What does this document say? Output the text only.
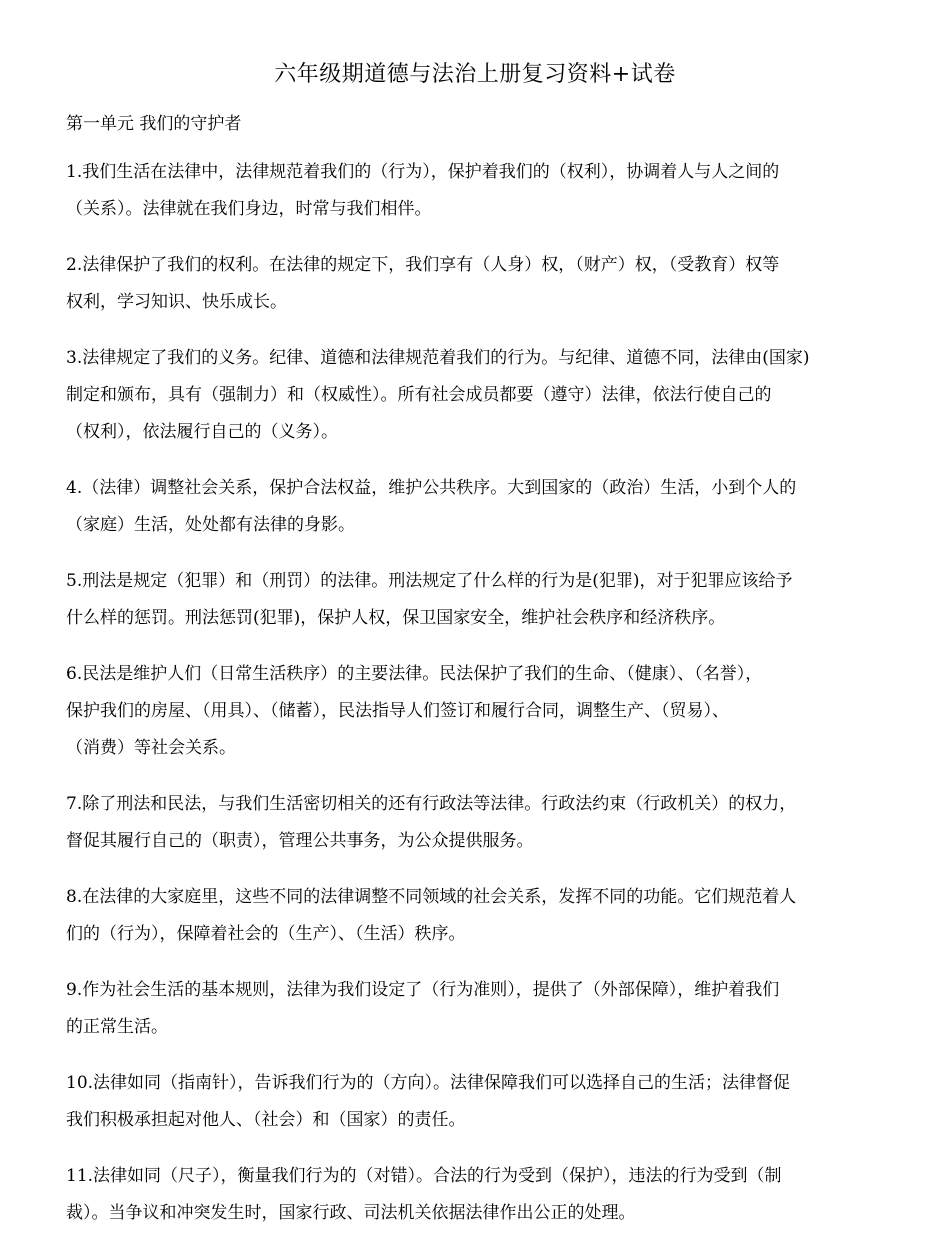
六年级期道德与法治上册复习资料+试卷
第一单元 我们的守护者
1.我们生活在法律中，法律规范着我们的（行为），保护着我们的（权利），协调着人与人之间的
（关系）。法律就在我们身边，时常与我们相伴。
2.法律保护了我们的权利。在法律的规定下，我们享有（人身）权，（财产）权，（受教育）权等
权利，学习知识、快乐成长。
3.法律规定了我们的义务。纪律、道德和法律规范着我们的行为。与纪律、道德不同，法律由(国家)
制定和颁布，具有（强制力）和（权威性）。所有社会成员都要（遵守）法律，依法行使自己的
（权利），依法履行自己的（义务）。
4.（法律）调整社会关系，保护合法权益，维护公共秩序。大到国家的（政治）生活，小到个人的
（家庭）生活，处处都有法律的身影。
5.刑法是规定（犯罪）和（刑罚）的法律。刑法规定了什么样的行为是(犯罪)，对于犯罪应该给予
什么样的惩罚。刑法惩罚(犯罪)，保护人权，保卫国家安全，维护社会秩序和经济秩序。
6.民法是维护人们（日常生活秩序）的主要法律。民法保护了我们的生命、（健康）、（名誉），
保护我们的房屋、（用具）、（储蓄），民法指导人们签订和履行合同，调整生产、（贸易）、
（消费）等社会关系。
7.除了刑法和民法，与我们生活密切相关的还有行政法等法律。行政法约束（行政机关）的权力，
督促其履行自己的（职责），管理公共事务，为公众提供服务。
8.在法律的大家庭里，这些不同的法律调整不同领域的社会关系，发挥不同的功能。它们规范着人
们的（行为），保障着社会的（生产）、（生活）秩序。
9.作为社会生活的基本规则，法律为我们设定了（行为准则），提供了（外部保障），维护着我们
的正常生活。
10.法律如同（指南针），告诉我们行为的（方向）。法律保障我们可以选择自己的生活；法律督促
我们积极承担起对他人、（社会）和（国家）的责任。
11.法律如同（尺子），衡量我们行为的（对错）。合法的行为受到（保护），违法的行为受到（制
裁）。当争议和冲突发生时，国家行政、司法机关依据法律作出公正的处理。
